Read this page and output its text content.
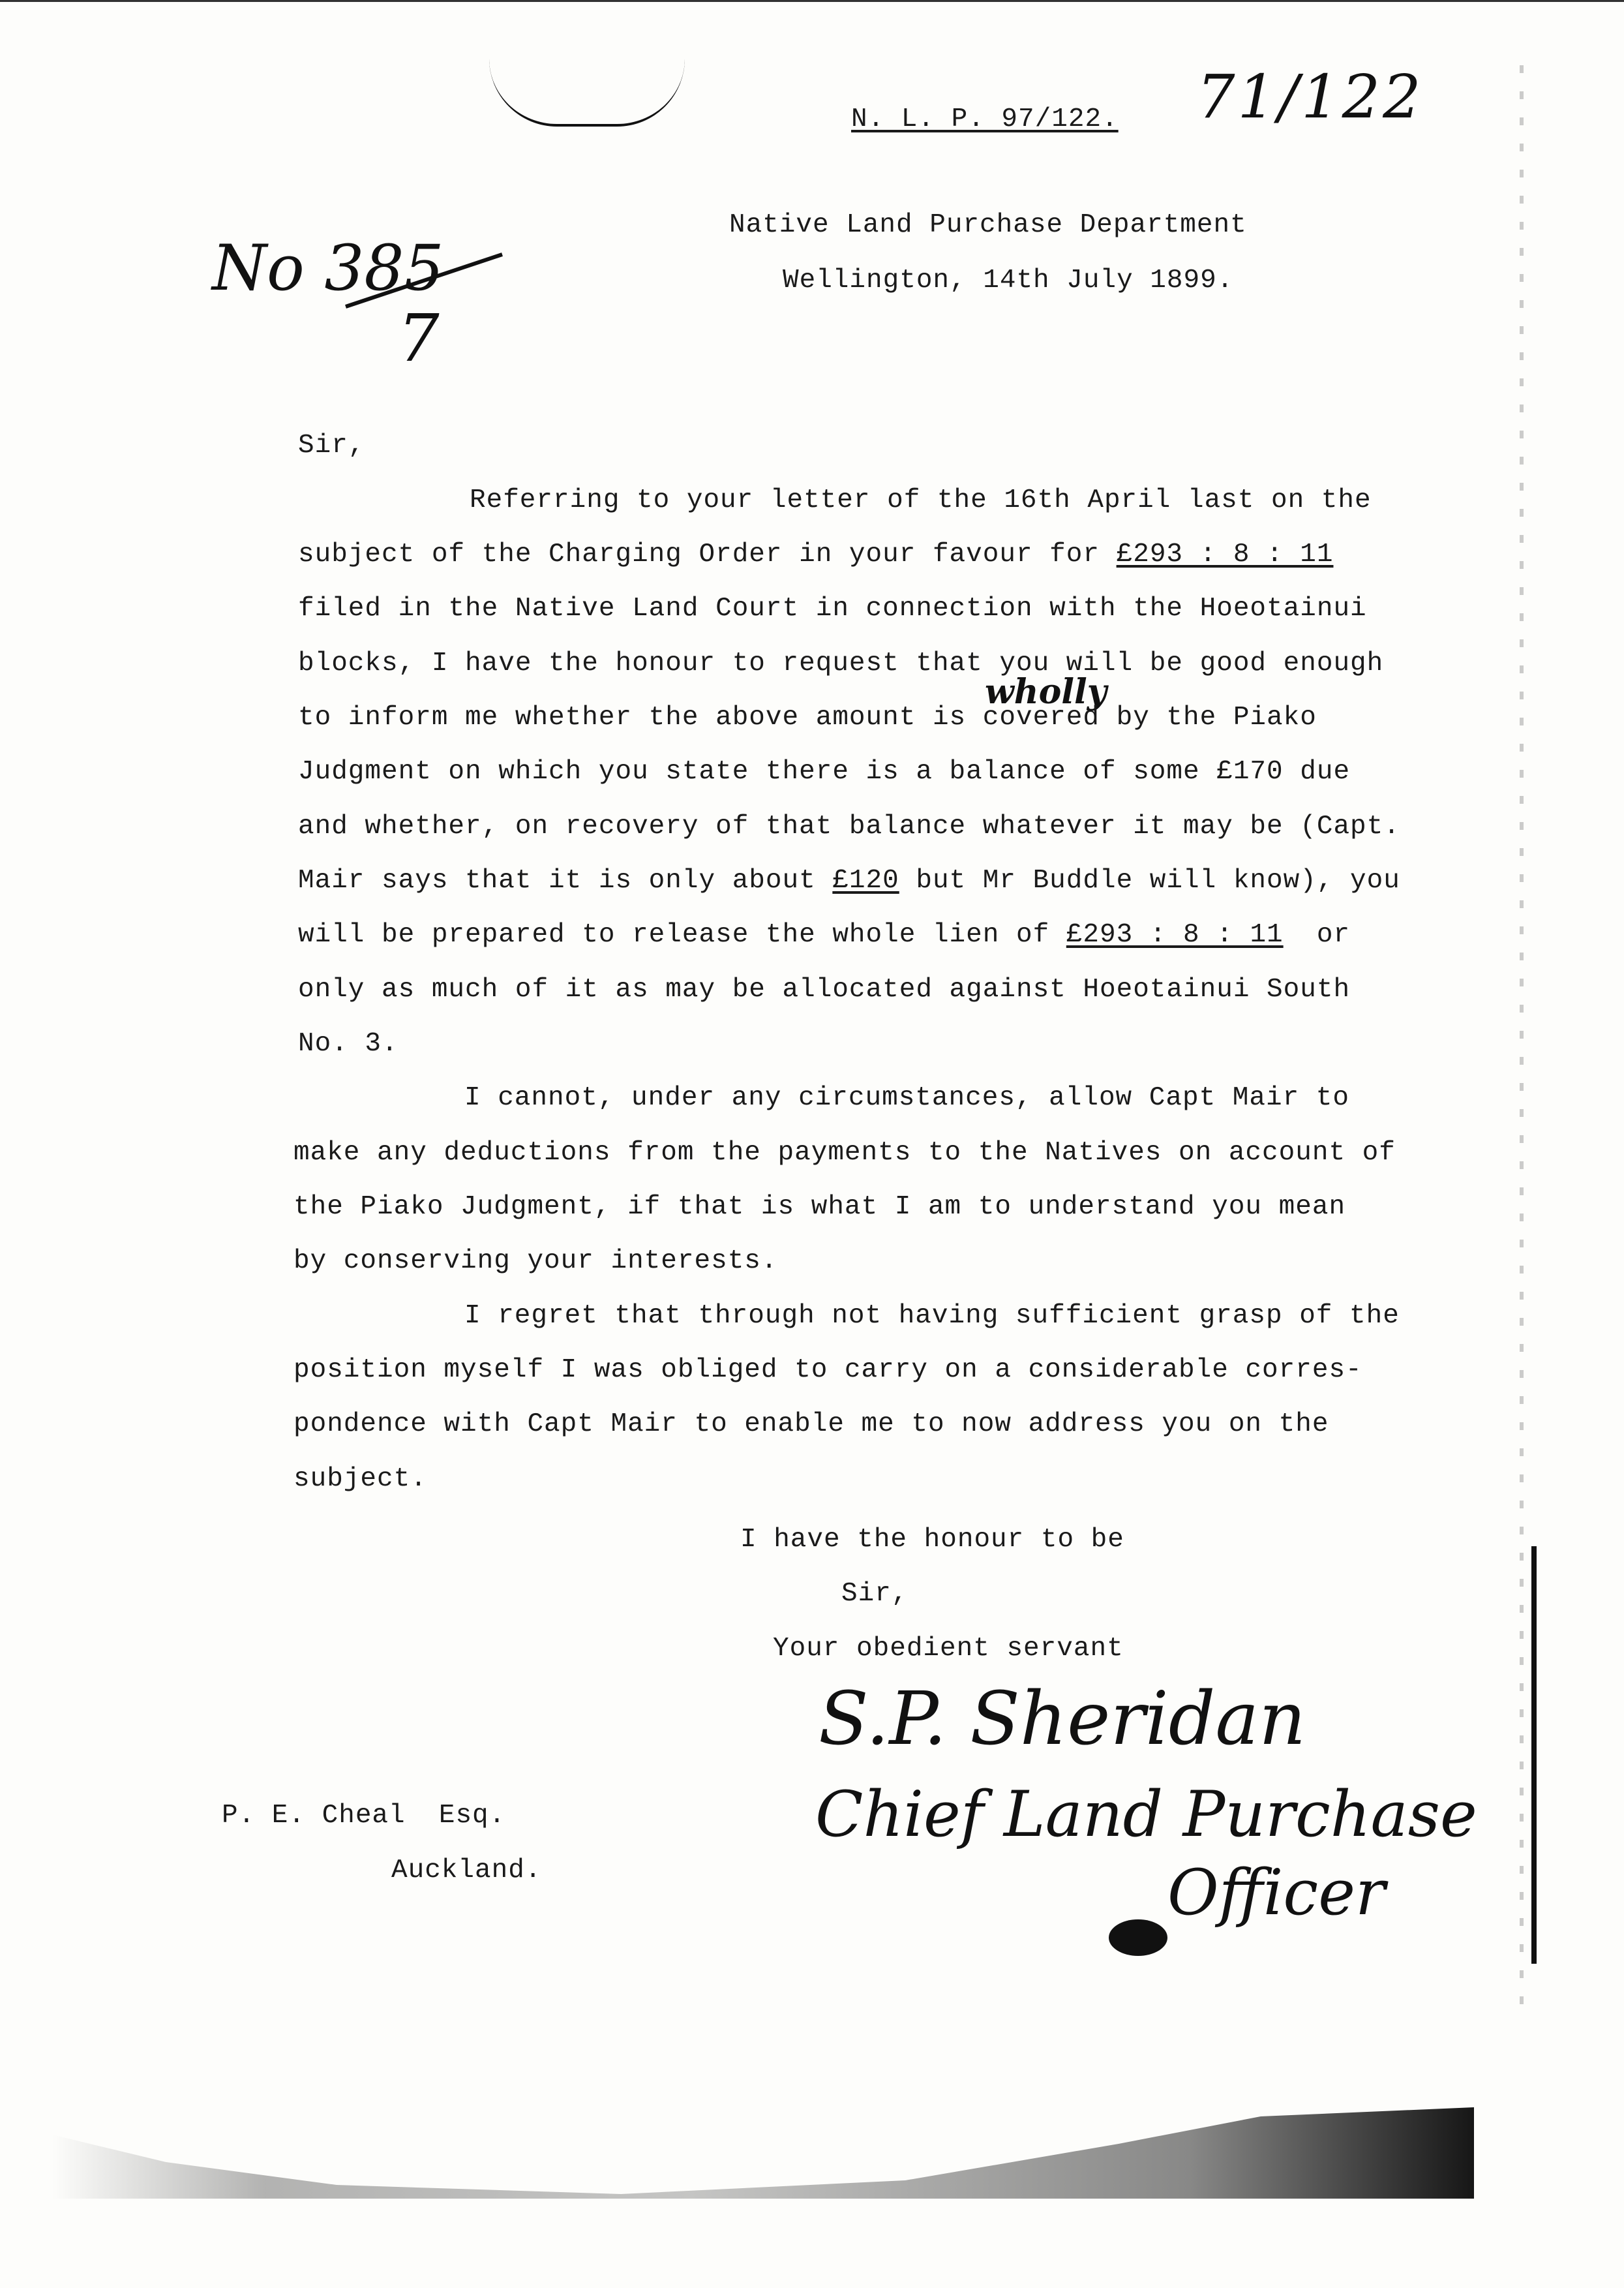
N. L. P. 97/122. 71/122
No 385
7
Native Land Purchase Department
Wellington, 14th July 1899.
Sir,
Referring to your letter of the 16th April last on the
subject of the Charging Order in your favour for £293 : 8 : 11
filed in the Native Land Court in connection with the Hoeotainui
blocks, I have the honour to request that you will be good enough
wholly
to inform me whether the above amount is covered by the Piako
Judgment on which you state there is a balance of some £170 due
and whether, on recovery of that balance whatever it may be (Capt.
Mair says that it is only about £120 but Mr Buddle will know), you
will be prepared to release the whole lien of £293 : 8 : 11  or
only as much of it as may be allocated against Hoeotainui South
No. 3.
I cannot, under any circumstances, allow Capt Mair to
make any deductions from the payments to the Natives on account of
the Piako Judgment, if that is what I am to understand you mean
by conserving your interests.
I regret that through not having sufficient grasp of the
position myself I was obliged to carry on a considerable corres-
pondence with Capt Mair to enable me to now address you on the
subject.
I have the honour to be
Sir,
Your obedient servant
S.P. Sheridan
Chief Land Purchase
Officer
P. E. Cheal  Esq.
Auckland.
